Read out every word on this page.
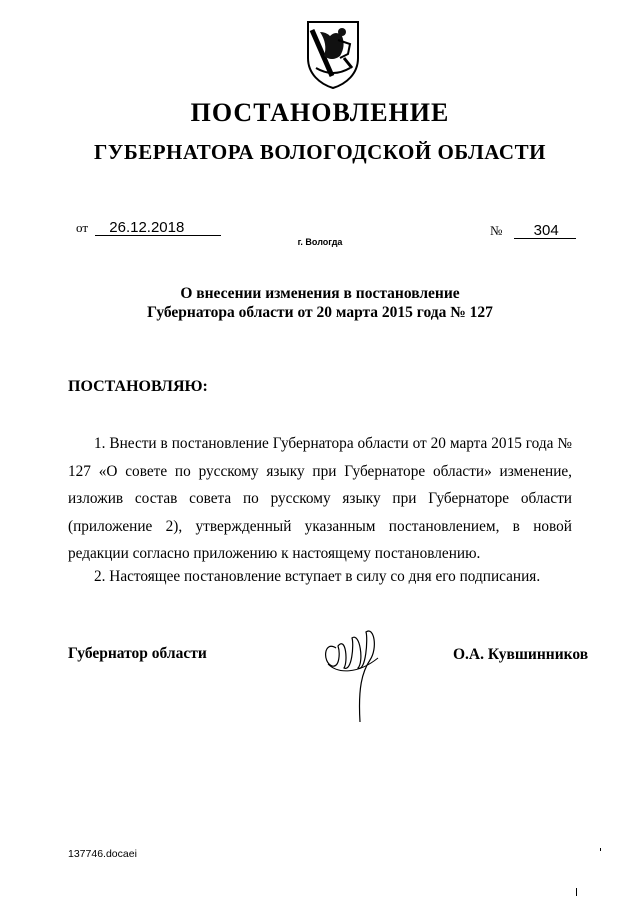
ПОСТАНОВЛЕНИЕ
ГУБЕРНАТОРА ВОЛОГОДСКОЙ ОБЛАСТИ
от 26.12.2018	№ 304
г. Вологда
О внесении изменения в постановление
Губернатора области от 20 марта 2015 года № 127
ПОСТАНОВЛЯЮ:
1. Внести в постановление Губернатора области от 20 марта 2015 года № 127 «О совете по русскому языку при Губернаторе области» изменение, изложив состав совета по русскому языку при Губернаторе области (приложение 2), утвержденный указанным постановлением, в новой редакции согласно приложению к настоящему постановлению.
2. Настоящее постановление вступает в силу со дня его подписания.
Губернатор области	О.А. Кувшинников
137746.docaei
